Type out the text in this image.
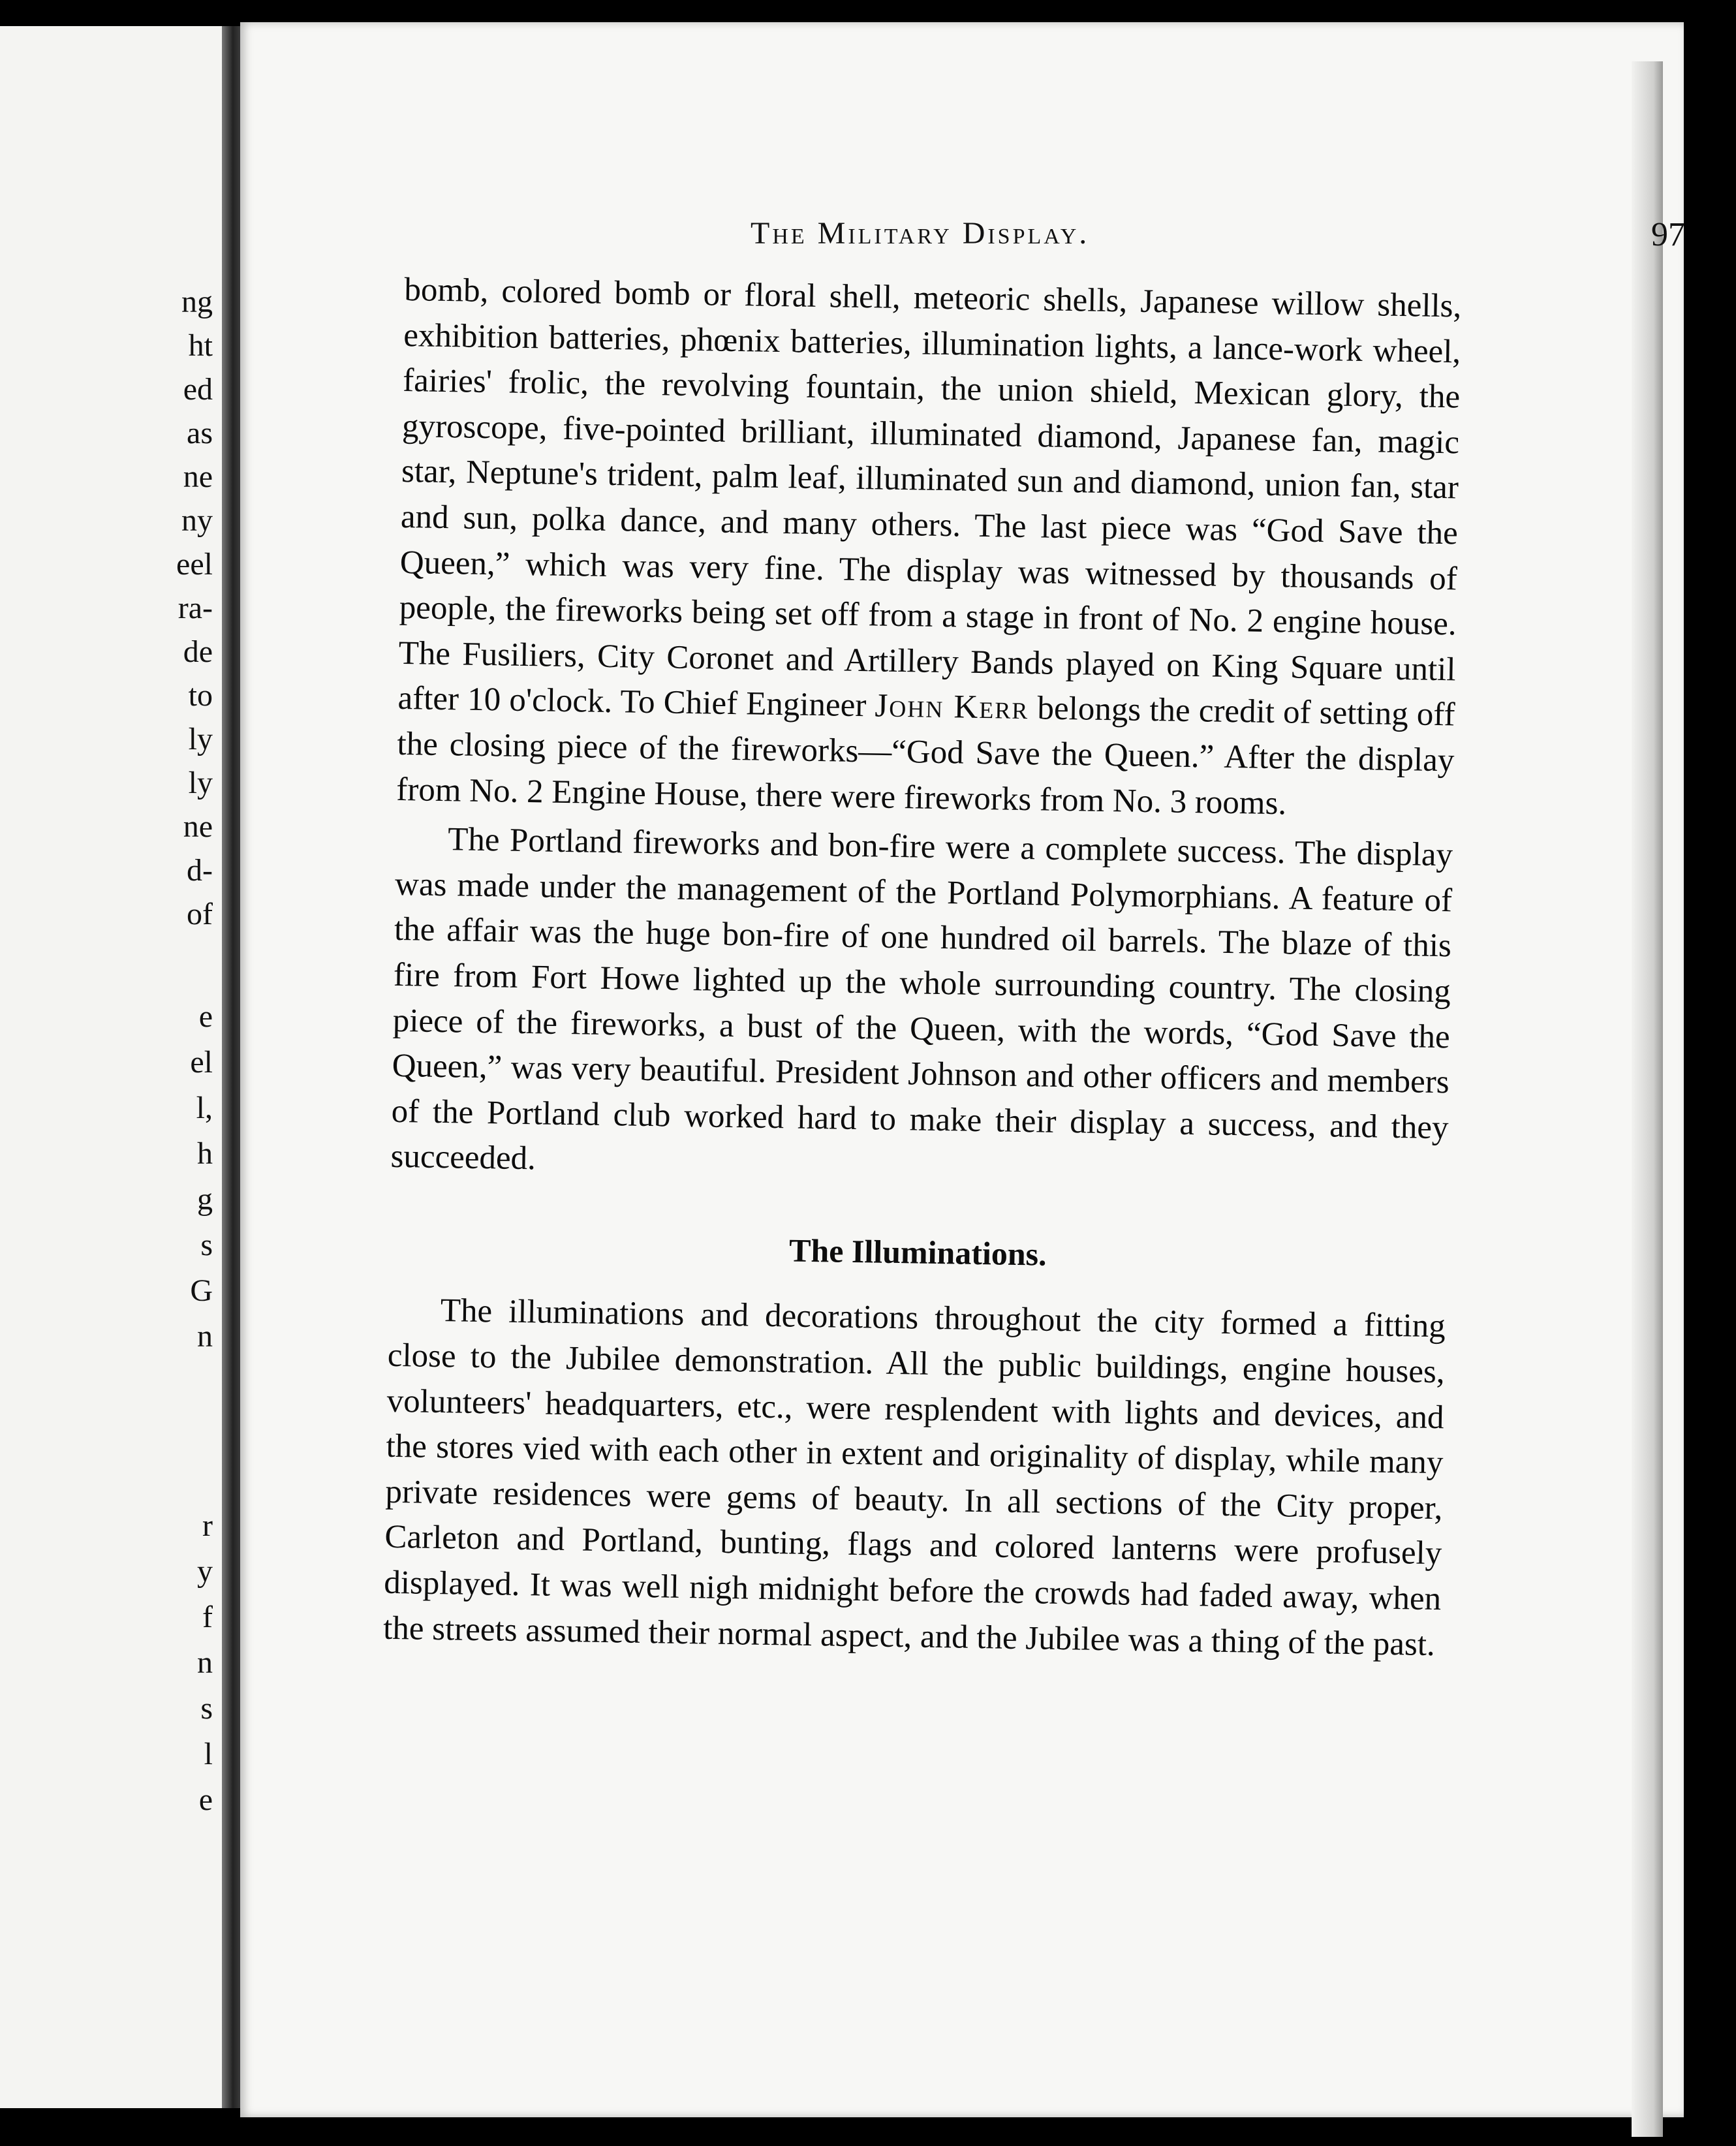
ng
ht
ed
as
ne
ny
eel
ra-
de
to
ly
ly
ne
d-
of
e
el
l,
h
g
s
G
n
r
y
f
n
s
l
e
The Military Display.	97

bomb, colored bomb or floral shell, meteoric shells, Japanese willow shells, exhibition batteries, phœnix batteries, illumination lights, a lance-work wheel, fairies' frolic, the revolving fountain, the union shield, Mexican glory, the gyroscope, five-pointed brilliant, illuminated diamond, Japanese fan, magic star, Neptune's trident, palm leaf, illuminated sun and diamond, union fan, star and sun, polka dance, and many others. The last piece was “God Save the Queen,” which was very fine. The display was witnessed by thousands of people, the fireworks being set off from a stage in front of No. 2 engine house. The Fusiliers, City Coronet and Artillery Bands played on King Square until after 10 o'clock. To Chief Engineer John Kerr belongs the credit of setting off the closing piece of the fireworks—“God Save the Queen.” After the display from No. 2 Engine House, there were fireworks from No. 3 rooms.

The Portland fireworks and bon-fire were a complete success. The display was made under the management of the Portland Polymorphians. A feature of the affair was the huge bon-fire of one hundred oil barrels. The blaze of this fire from Fort Howe lighted up the whole surrounding country. The closing piece of the fireworks, a bust of the Queen, with the words, “God Save the Queen,” was very beautiful. President Johnson and other officers and members of the Portland club worked hard to make their display a success, and they succeeded.

The Illuminations.

The illuminations and decorations throughout the city formed a fitting close to the Jubilee demonstration. All the public buildings, engine houses, volunteers' headquarters, etc., were resplendent with lights and devices, and the stores vied with each other in extent and originality of display, while many private residences were gems of beauty. In all sections of the City proper, Carleton and Portland, bunting, flags and colored lanterns were profusely displayed. It was well nigh midnight before the crowds had faded away, when the streets assumed their normal aspect, and the Jubilee was a thing of the past.
